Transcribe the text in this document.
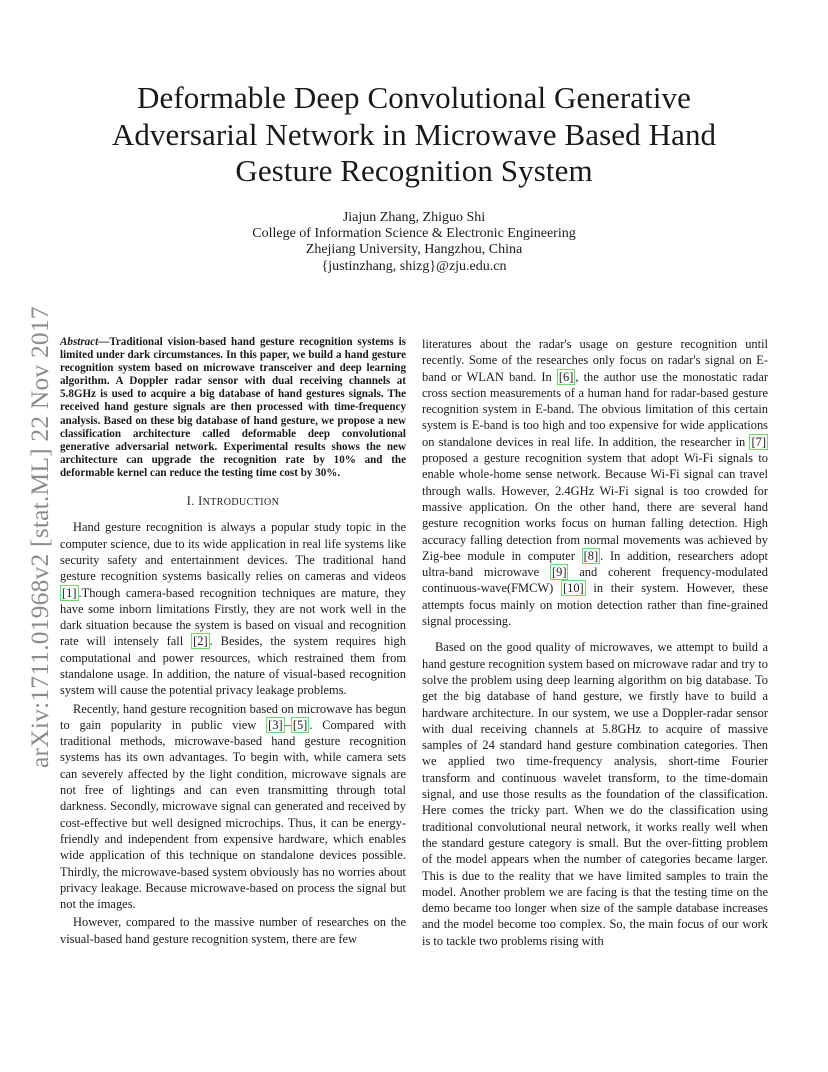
arXiv:1711.01968v2 [stat.ML] 22 Nov 2017
Deformable Deep Convolutional Generative
Adversarial Network in Microwave Based Hand
Gesture Recognition System
Jiajun Zhang, Zhiguo Shi
College of Information Science & Electronic Engineering
Zhejiang University, Hangzhou, China
{justinzhang, shizg}@zju.edu.cn
Abstract—Traditional vision-based hand gesture recognition systems is limited under dark circumstances. In this paper, we build a hand gesture recognition system based on microwave transceiver and deep learning algorithm. A Doppler radar sensor with dual receiving channels at 5.8GHz is used to acquire a big database of hand gestures signals. The received hand gesture signals are then processed with time-frequency analysis. Based on these big database of hand gesture, we propose a new classification architecture called deformable deep convolutional generative adversarial network. Experimental results shows the new architecture can upgrade the recognition rate by 10% and the deformable kernel can reduce the testing time cost by 30%.
I. INTRODUCTION

Hand gesture recognition is always a popular study topic in the computer science, due to its wide application in real life systems like security safety and entertainment devices. The traditional hand gesture recognition systems basically relies on cameras and videos [1] .Though camera-based recognition techniques are mature, they have some inborn limitations Firstly, they are not work well in the dark situation because the system is based on visual and recognition rate will intensely fall [2] . Besides, the system requires high computational and power resources, which restrained them from standalone usage. In addition, the nature of visual-based recognition system will cause the potential privacy leakage problems.

Recently, hand gesture recognition based on microwave has begun to gain popularity in public view [3] – [5] . Compared with traditional methods, microwave-based hand gesture recognition systems has its own advantages. To begin with, while camera sets can severely affected by the light condition, microwave signals are not free of lightings and can even transmitting through total darkness. Secondly, microwave signal can generated and received by cost-effective but well designed microchips. Thus, it can be energy-friendly and independent from expensive hardware, which enables wide application of this technique on standalone devices possible. Thirdly, the microwave-based system obviously has no worries about privacy leakage. Because microwave-based on process the signal but not the images.

However, compared to the massive number of researches on the visual-based hand gesture recognition system, there are few

literatures about the radar's usage on gesture recognition until recently. Some of the researches only focus on radar's signal on E-band or WLAN band. In [6] , the author use the monostatic radar cross section measurements of a human hand for radar-based gesture recognition system in E-band. The obvious limitation of this certain system is E-band is too high and too expensive for wide applications on standalone devices in real life. In addition, the researcher in [7] proposed a gesture recognition system that adopt Wi-Fi signals to enable whole-home sense network. Because Wi-Fi signal can travel through walls. However, 2.4GHz Wi-Fi signal is too crowded for massive application. On the other hand, there are several hand gesture recognition works focus on human falling detection. High accuracy falling detection from normal movements was achieved by Zig-bee module in computer [8] . In addition, researchers adopt ultra-band microwave [9] and coherent frequency-modulated continuous-wave(FMCW) [10] in their system. However, these attempts focus mainly on motion detection rather than fine-grained signal processing.

Based on the good quality of microwaves, we attempt to build a hand gesture recognition system based on microwave radar and try to solve the problem using deep learning algorithm on big database. To get the big database of hand gesture, we firstly have to build a hardware architecture. In our system, we use a Doppler-radar sensor with dual receiving channels at 5.8GHz to acquire of massive samples of 24 standard hand gesture combination categories. Then we applied two time-frequency analysis, short-time Fourier transform and continuous wavelet transform, to the time-domain signal, and use those results as the foundation of the classification. Here comes the tricky part. When we do the classification using traditional convolutional neural network, it works really well when the standard gesture category is small. But the over-fitting problem of the model appears when the number of categories became larger. This is due to the reality that we have limited samples to train the model. Another problem we are facing is that the testing time on the demo became too longer when size of the sample database increases and the model become too complex. So, the main focus of our work is to tackle two problems rising with
